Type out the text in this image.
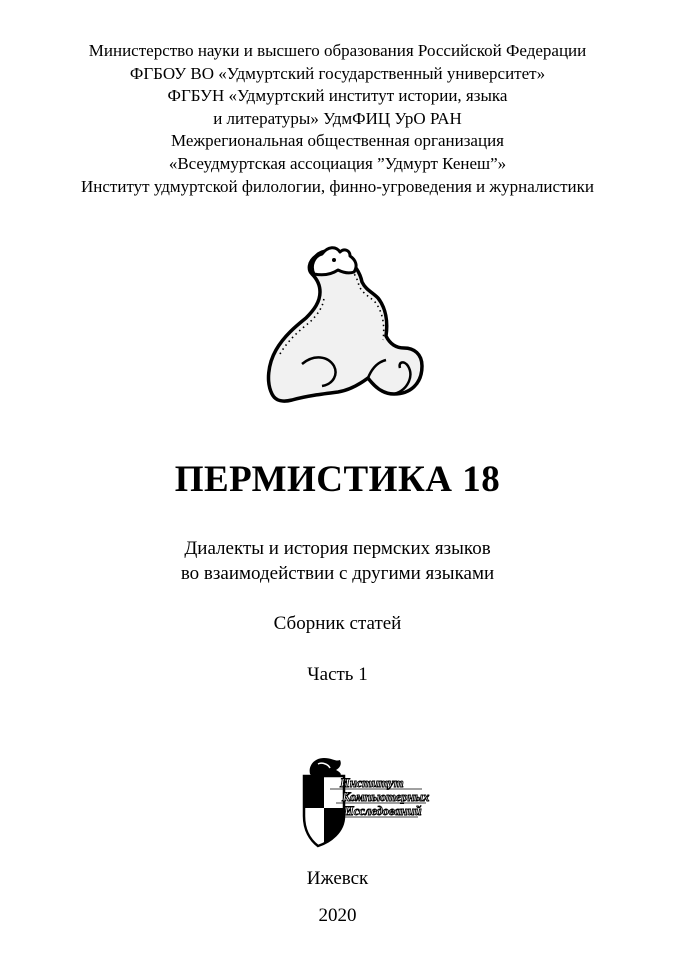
Министерство науки и высшего образования Российской Федерации
ФГБОУ ВО «Удмуртский государственный университет»
ФГБУН «Удмуртский институт истории, языка
и литературы» УдмФИЦ УрО РАН
Межрегиональная общественная организация
«Всеудмуртская ассоциация ”Удмурт Кенеш”»
Институт удмуртской филологии, финно-угроведения и журналистики
ПЕРМИСТИКА 18
Диалекты и история пермских языков
во взаимодействии с другими языками
Сборник статей
Часть 1
Институт
Компьютерных
Исследований
Ижевск
2020
